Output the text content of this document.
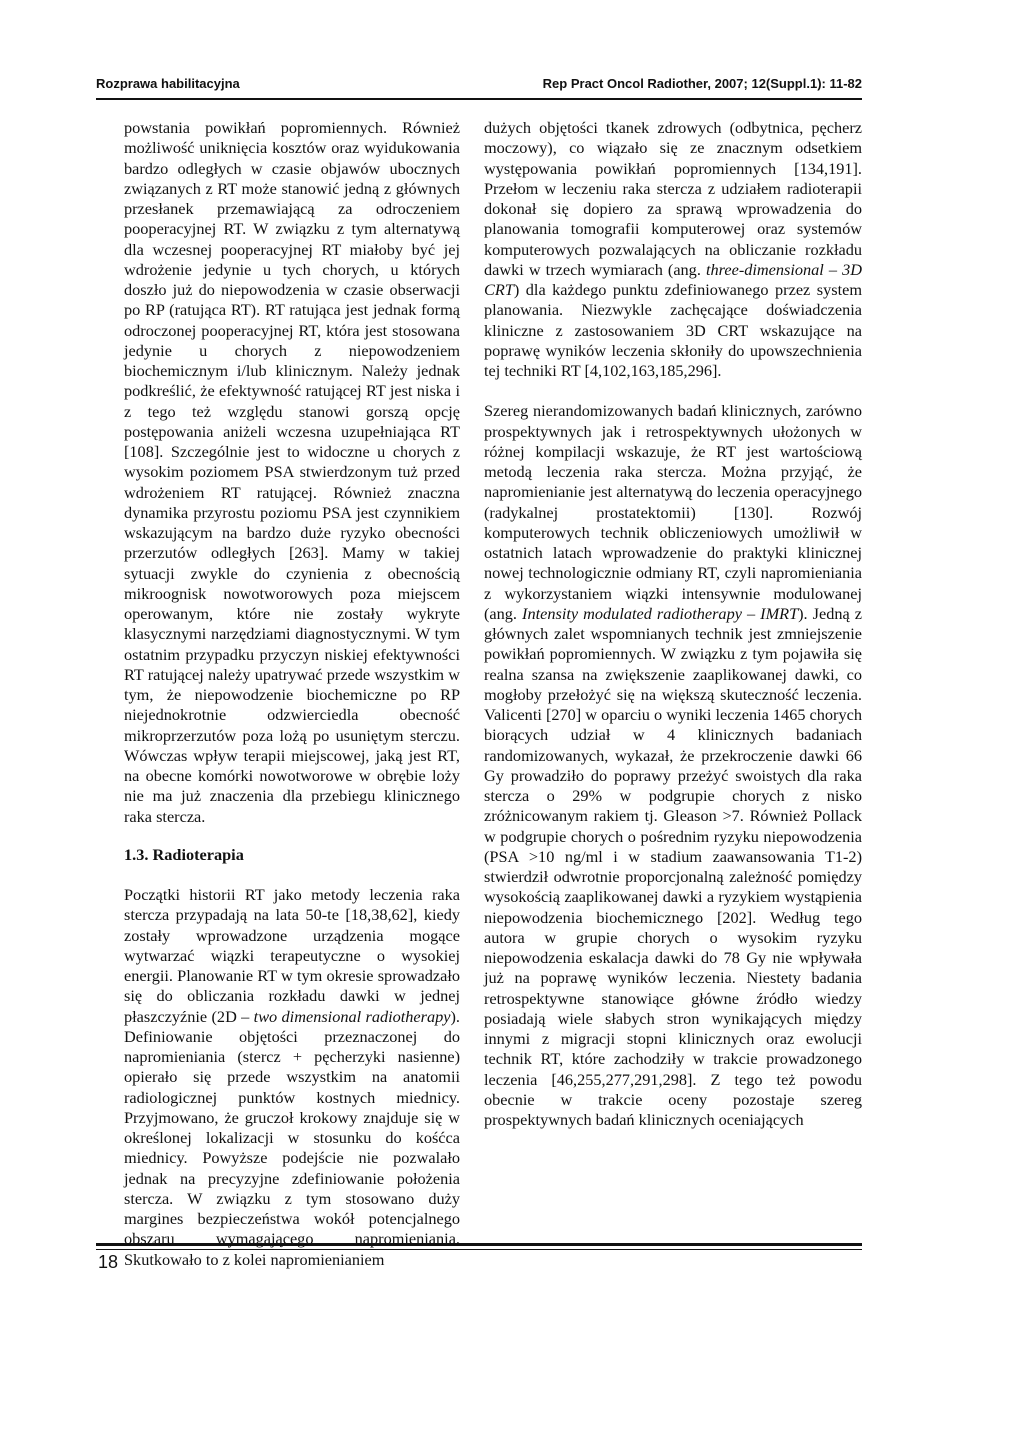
Rozprawa habilitacyjna	Rep Pract Oncol Radiother, 2007; 12(Suppl.1): 11-82

powstania powikłań popromiennych. Również możliwość uniknięcia kosztów oraz wyidukowania bardzo odległych w czasie objawów ubocznych związanych z RT może stanowić jedną z głównych przesłanek przemawiającą za odroczeniem pooperacyjnej RT. W związku z tym alternatywą dla wczesnej pooperacyjnej RT miałoby być jej wdrożenie jedynie u tych chorych, u których doszło już do niepowodzenia w czasie obserwacji po RP (ratująca RT). RT ratująca jest jednak formą odroczonej pooperacyjnej RT, która jest stosowana jedynie u chorych z niepowodzeniem biochemicznym i/lub klinicznym. Należy jednak podkreślić, że efektywność ratującej RT jest niska i z tego też względu stanowi gorszą opcję postępowania aniżeli wczesna uzupełniająca RT [108]. Szczególnie jest to widoczne u chorych z wysokim poziomem PSA stwierdzonym tuż przed wdrożeniem RT ratującej. Również znaczna dynamika przyrostu poziomu PSA jest czynnikiem wskazującym na bardzo duże ryzyko obecności przerzutów odległych [263]. Mamy w takiej sytuacji zwykle do czynienia z obecnością mikroognisk nowotworowych poza miejscem operowanym, które nie zostały wykryte klasycznymi narzędziami diagnostycznymi. W tym ostatnim przypadku przyczyn niskiej efektywności RT ratującej należy upatrywać przede wszystkim w tym, że niepowodzenie biochemiczne po RP niejednokrotnie odzwierciedla obecność mikroprzerzutów poza lożą po usuniętym sterczu. Wówczas wpływ terapii miejscowej, jaką jest RT, na obecne komórki nowotworowe w obrębie loży nie ma już znaczenia dla przebiegu klinicznego raka stercza.

1.3. Radioterapia

Początki historii RT jako metody leczenia raka stercza przypadają na lata 50-te [18,38,62], kiedy zostały wprowadzone urządzenia mogące wytwarzać wiązki terapeutyczne o wysokiej energii. Planowanie RT w tym okresie sprowadzało się do obliczania rozkładu dawki w jednej płaszczyźnie (2D – two dimensional radiotherapy). Definiowanie objętości przeznaczonej do napromieniania (stercz + pęcherzyki nasienne) opierało się przede wszystkim na anatomii radiologicznej punktów kostnych miednicy. Przyjmowano, że gruczoł krokowy znajduje się w określonej lokalizacji w stosunku do kośćca miednicy. Powyższe podejście nie pozwalało jednak na precyzyjne zdefiniowanie położenia stercza. W związku z tym stosowano duży margines bezpieczeństwa wokół potencjalnego obszaru wymagającego napromieniania. Skutkowało to z kolei napromienianiem

dużych objętości tkanek zdrowych (odbytnica, pęcherz moczowy), co wiązało się ze znacznym odsetkiem występowania powikłań popromiennych [134,191]. Przełom w leczeniu raka stercza z udziałem radioterapii dokonał się dopiero za sprawą wprowadzenia do planowania tomografii komputerowej oraz systemów komputerowych pozwalających na obliczanie rozkładu dawki w trzech wymiarach (ang. three-dimensional – 3D CRT) dla każdego punktu zdefiniowanego przez system planowania. Niezwykle zachęcające doświadczenia kliniczne z zastosowaniem 3D CRT wskazujące na poprawę wyników leczenia skłoniły do upowszechnienia tej techniki RT [4,102,163,185,296].

Szereg nierandomizowanych badań klinicznych, zarówno prospektywnych jak i retrospektywnych ułożonych w różnej kompilacji wskazuje, że RT jest wartościową metodą leczenia raka stercza. Można przyjąć, że napromienianie jest alternatywą do leczenia operacyjnego (radykalnej prostatektomii) [130]. Rozwój komputerowych technik obliczeniowych umożliwił w ostatnich latach wprowadzenie do praktyki klinicznej nowej technologicznie odmiany RT, czyli napromieniania z wykorzystaniem wiązki intensywnie modulowanej (ang. Intensity modulated radiotherapy – IMRT). Jedną z głównych zalet wspomnianych technik jest zmniejszenie powikłań popromiennych. W związku z tym pojawiła się realna szansa na zwiększenie zaaplikowanej dawki, co mogłoby przełożyć się na większą skuteczność leczenia. Valicenti [270] w oparciu o wyniki leczenia 1465 chorych biorących udział w 4 klinicznych badaniach randomizowanych, wykazał, że przekroczenie dawki 66 Gy prowadziło do poprawy przeżyć swoistych dla raka stercza o 29% w podgrupie chorych z nisko zróżnicowanym rakiem tj. Gleason >7. Również Pollack w podgrupie chorych o pośrednim ryzyku niepowodzenia (PSA >10 ng/ml i w stadium zaawansowania T1-2) stwierdził odwrotnie proporcjonalną zależność pomiędzy wysokością zaaplikowanej dawki a ryzykiem wystąpienia niepowodzenia biochemicznego [202]. Według tego autora w grupie chorych o wysokim ryzyku niepowodzenia eskalacja dawki do 78 Gy nie wpływała już na poprawę wyników leczenia. Niestety badania retrospektywne stanowiące główne źródło wiedzy posiadają wiele słabych stron wynikających między innymi z migracji stopni klinicznych oraz ewolucji technik RT, które zachodziły w trakcie prowadzonego leczenia [46,255,277,291,298]. Z tego też powodu obecnie w trakcie oceny pozostaje szereg prospektywnych badań klinicznych oceniających

18
